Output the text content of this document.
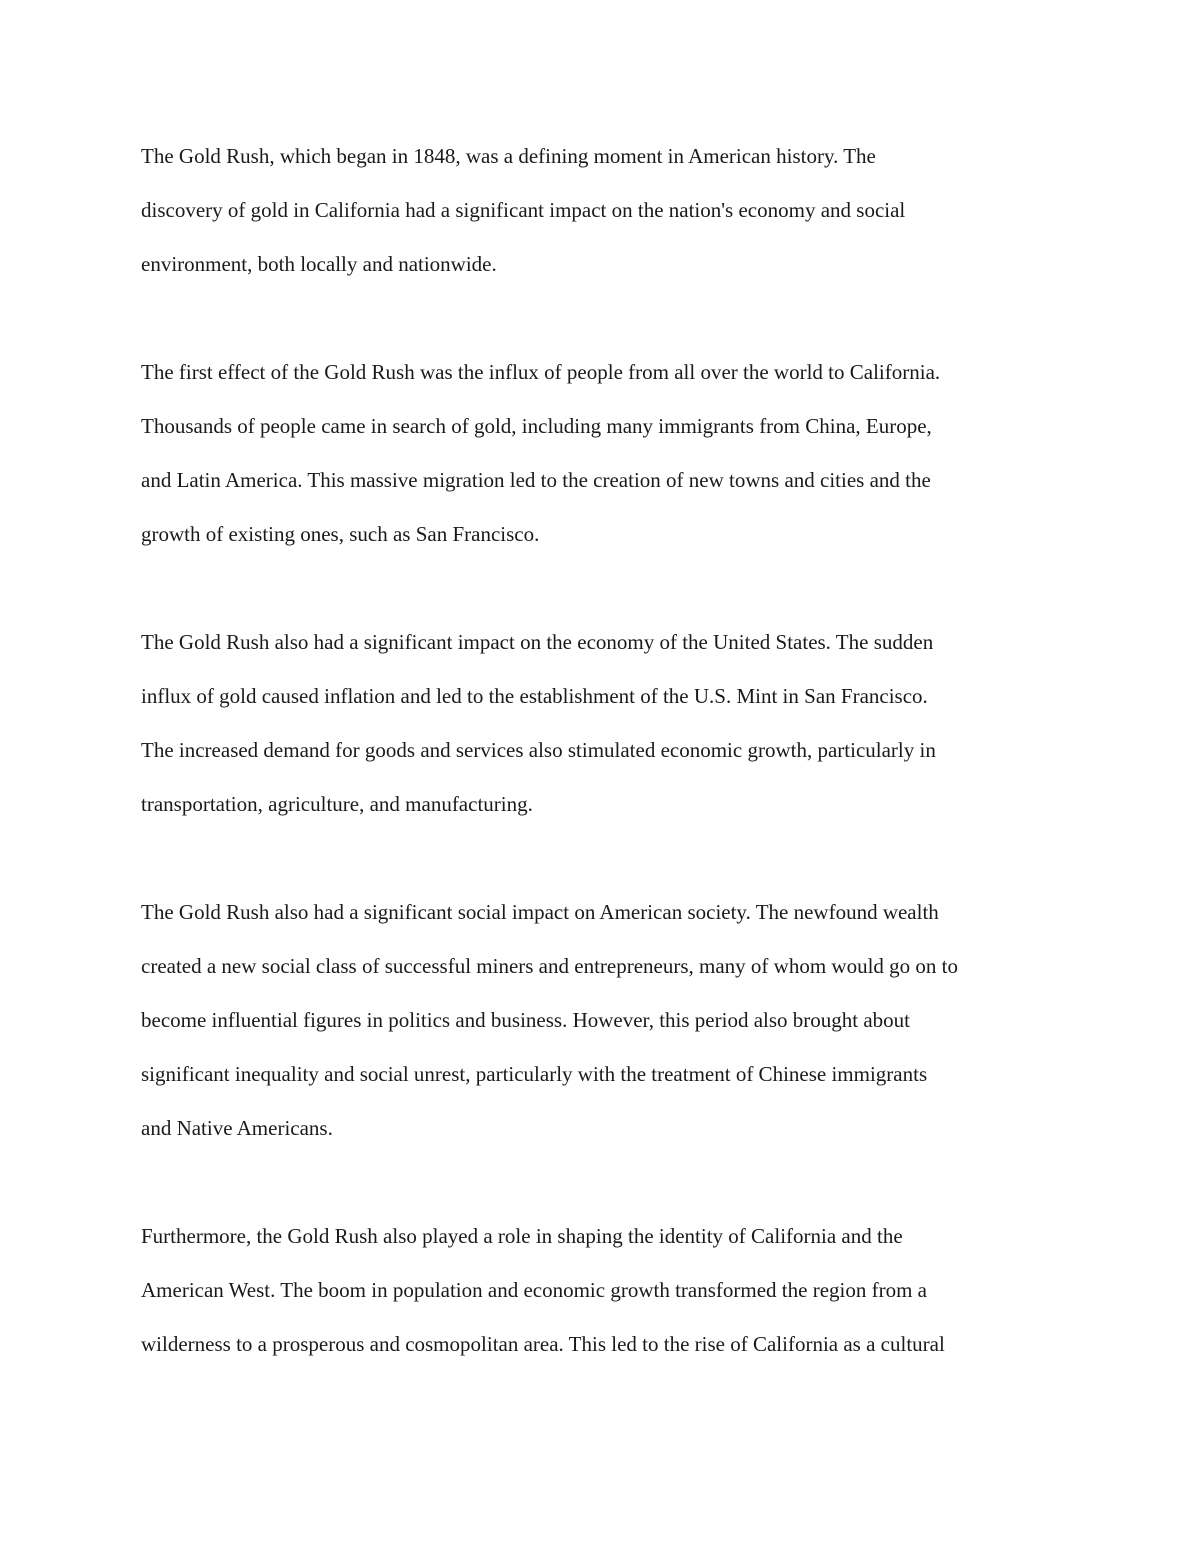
The Gold Rush, which began in 1848, was a defining moment in American history. The
discovery of gold in California had a significant impact on the nation's economy and social
environment, both locally and nationwide.
The first effect of the Gold Rush was the influx of people from all over the world to California.
Thousands of people came in search of gold, including many immigrants from China, Europe,
and Latin America. This massive migration led to the creation of new towns and cities and the
growth of existing ones, such as San Francisco.
The Gold Rush also had a significant impact on the economy of the United States. The sudden
influx of gold caused inflation and led to the establishment of the U.S. Mint in San Francisco.
The increased demand for goods and services also stimulated economic growth, particularly in
transportation, agriculture, and manufacturing.
The Gold Rush also had a significant social impact on American society. The newfound wealth
created a new social class of successful miners and entrepreneurs, many of whom would go on to
become influential figures in politics and business. However, this period also brought about
significant inequality and social unrest, particularly with the treatment of Chinese immigrants
and Native Americans.
Furthermore, the Gold Rush also played a role in shaping the identity of California and the
American West. The boom in population and economic growth transformed the region from a
wilderness to a prosperous and cosmopolitan area. This led to the rise of California as a cultural
